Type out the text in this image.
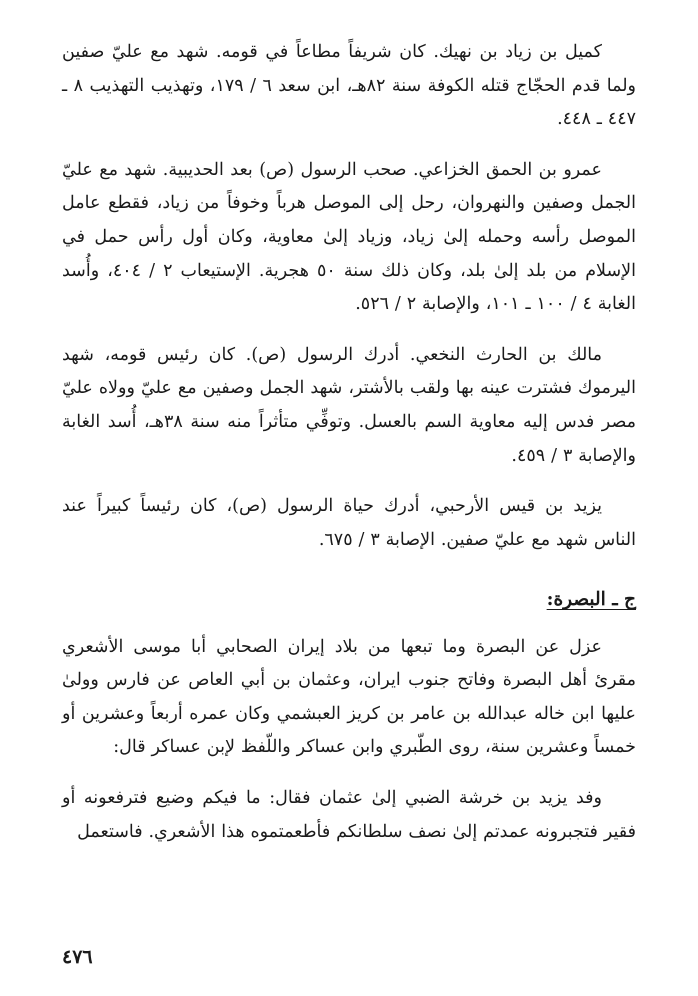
كميل بن زياد بن نهيك. كان شريفاً مطاعاً في قومه. شهد مع عليّ صفين ولما قدم الحجّاج قتله الكوفة سنة ٨٢هـ، ابن سعد ٦ / ١٧٩، وتهذيب التهذيب ٨ ـ ٤٤٧ ـ ٤٤٨.

عمرو بن الحمق الخزاعي. صحب الرسول (ص) بعد الحديبية. شهد مع عليّ الجمل وصفين والنهروان، رحل إلى الموصل هرباً وخوفاً من زياد، فقطع عامل الموصل رأسه وحمله إلىٰ زياد، وزياد إلىٰ معاوية، وكان أول رأس حمل في الإسلام من بلد إلىٰ بلد، وكان ذلك سنة ٥٠ هجرية. الإستيعاب ٢ / ٤٠٤، وأُسد الغابة ٤ / ١٠٠ ـ ١٠١، والإصابة ٢ / ٥٢٦.

مالك بن الحارث النخعي. أدرك الرسول (ص). كان رئيس قومه، شهد اليرموك فشترت عينه بها ولقب بالأشتر، شهد الجمل وصفين مع عليّ وولاه عليّ مصر فدس إليه معاوية السم بالعسل. وتوفِّي متأثراً منه سنة ٣٨هـ، أُسد الغابة والإصابة ٣ / ٤٥٩.

يزيد بن قيس الأرحبي، أدرك حياة الرسول (ص)، كان رئيساً كبيراً عند الناس شهد مع عليّ صفين. الإصابة ٣ / ٦٧٥.

ج ـ البصرة:

عزل عن البصرة وما تبعها من بلاد إيران الصحابي أبا موسى الأشعري مقرئ أهل البصرة وفاتح جنوب ايران، وعثمان بن أبي العاص عن فارس وولىٰ عليها ابن خاله عبدالله بن عامر بن كريز العبشمي وكان عمره أربعاً وعشرين أو خمساً وعشرين سنة، روى الطّبري وابن عساكر واللّفظ لإبن عساكر قال:

وفد يزيد بن خرشة الضبي إلىٰ عثمان فقال: ما فيكم وضيع فترفعونه أو فقير فتجبرونه عمدتم إلىٰ نصف سلطانكم فأطعمتموه هذا الأشعري. فاستعمل

٤٧٦
